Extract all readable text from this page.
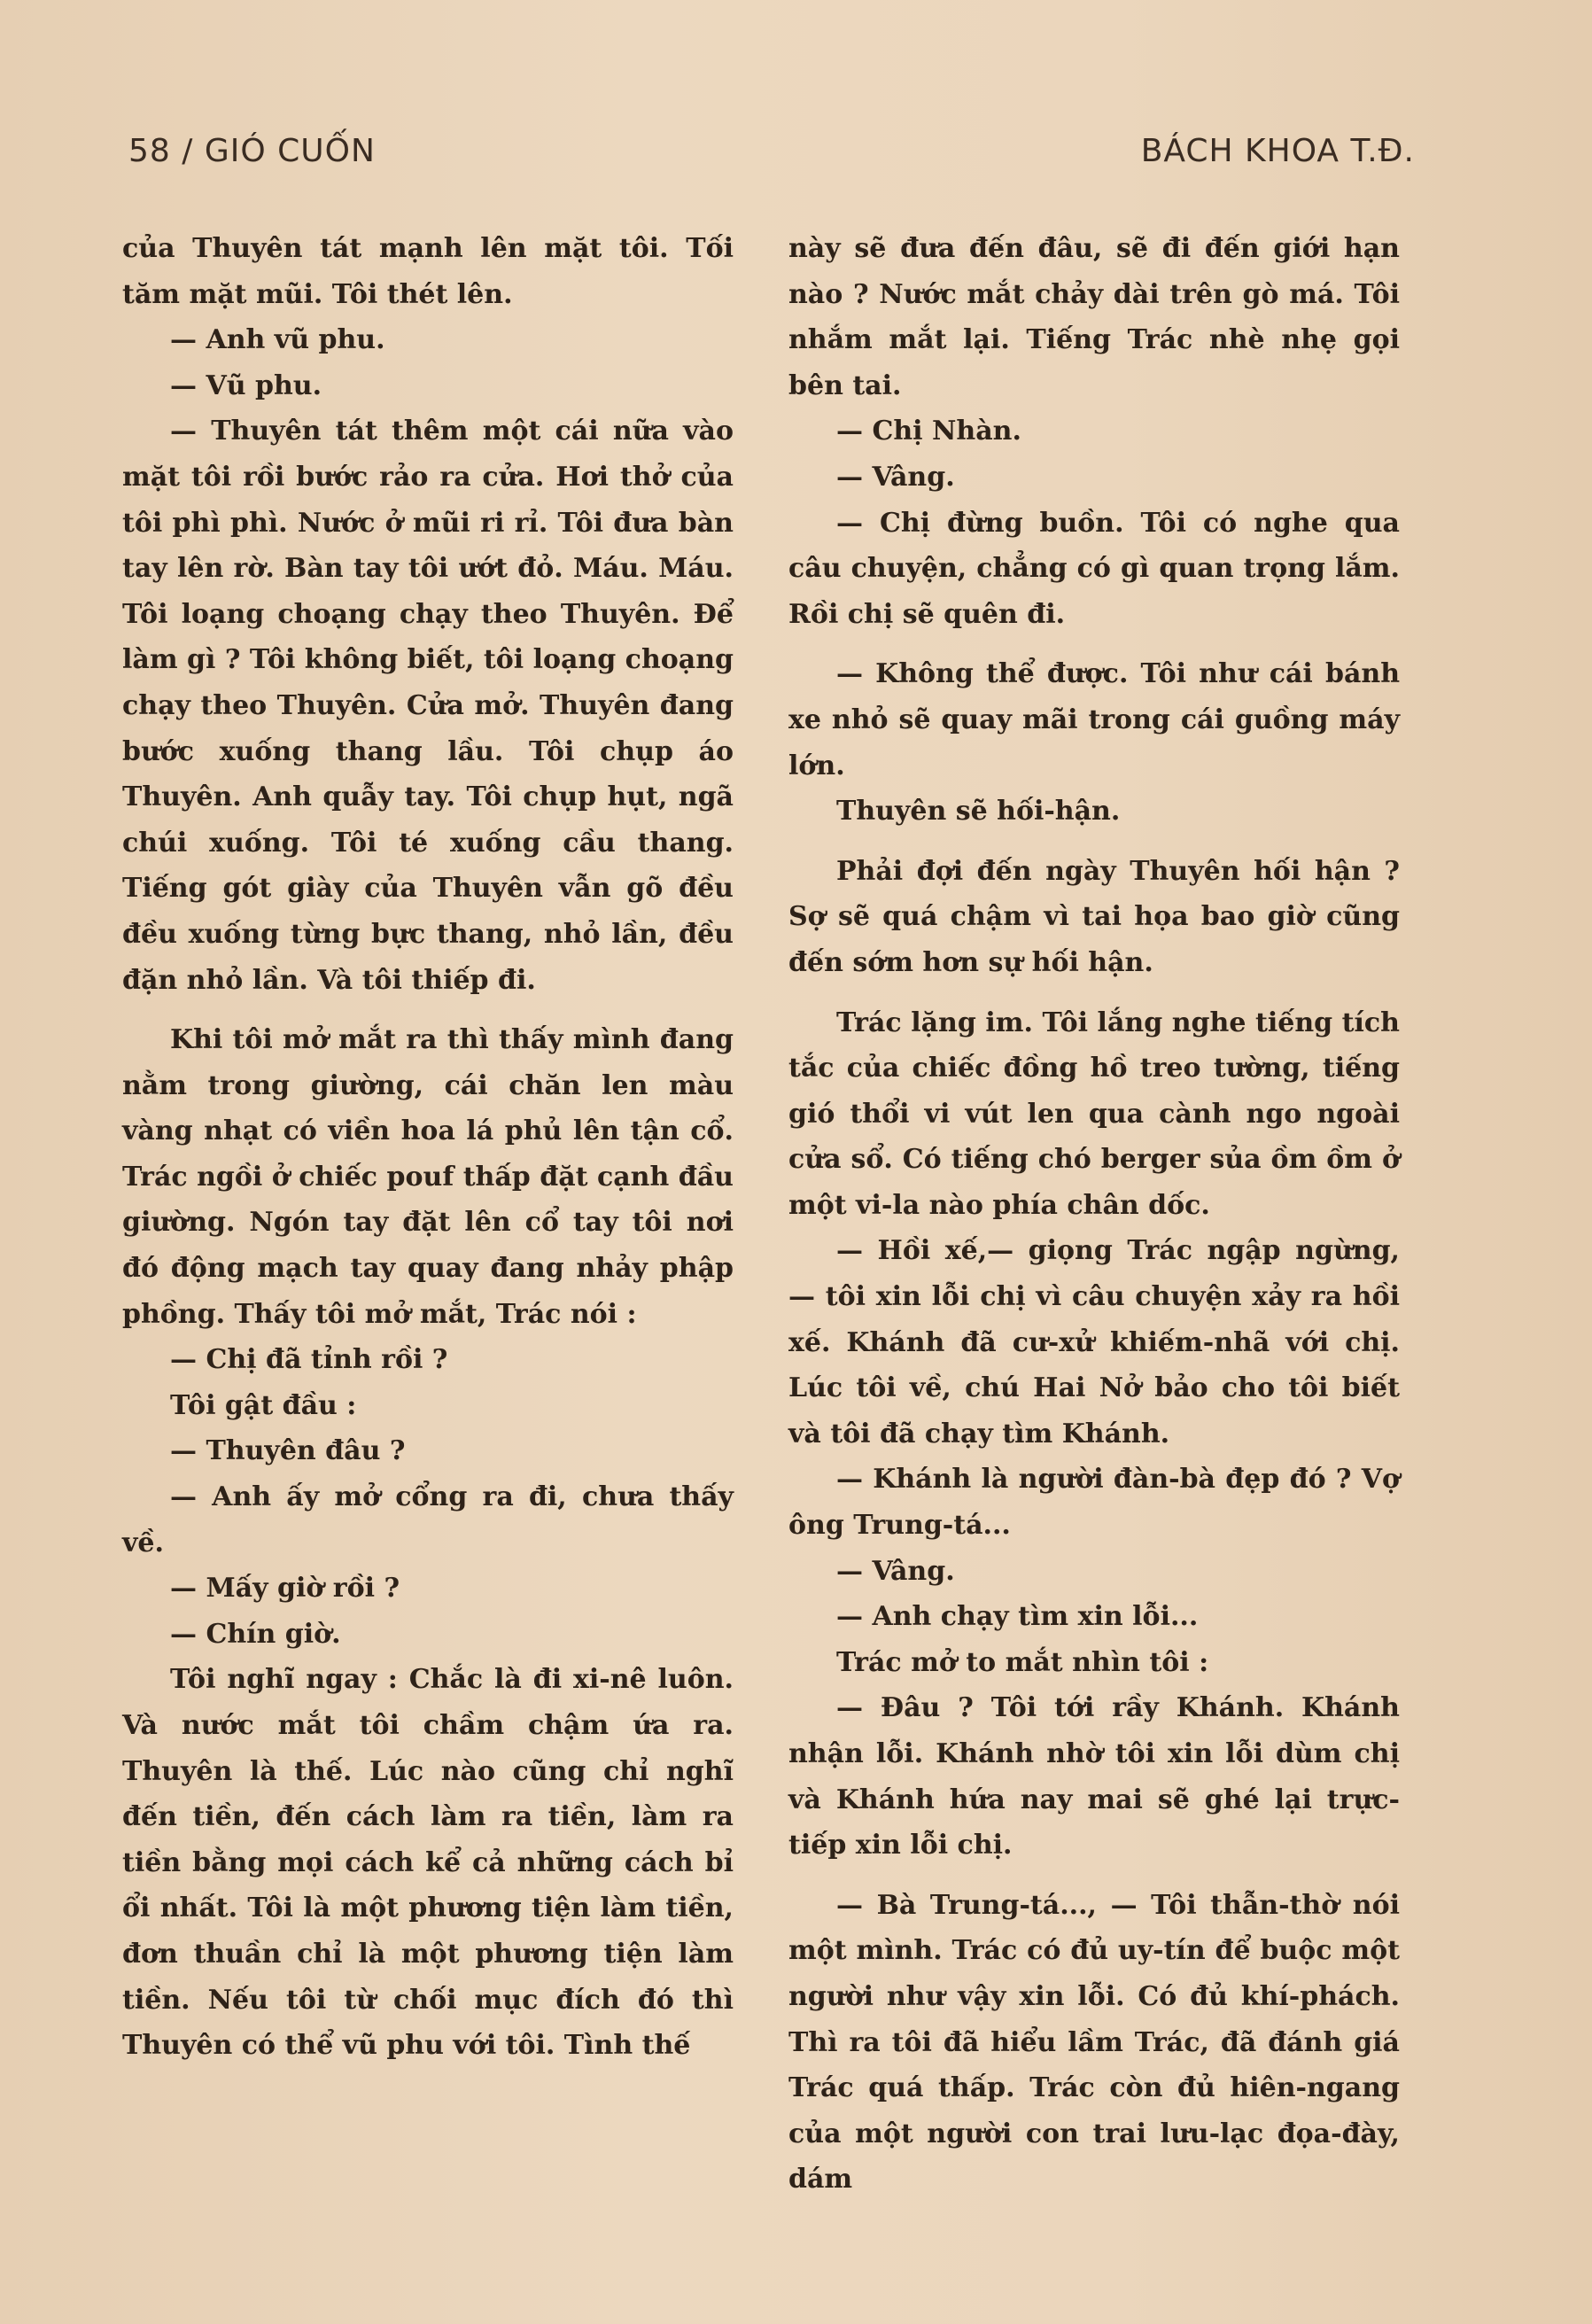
58 / GIÓ CUỐN	BÁCH KHOA T.Đ.

của Thuyên tát mạnh lên mặt tôi. Tối tăm mặt mũi. Tôi thét lên.

— Anh vũ phu.

— Vũ phu.

— Thuyên tát thêm một cái nữa vào mặt tôi rồi bước rảo ra cửa. Hơi thở của tôi phì phì. Nước ở mũi ri rỉ. Tôi đưa bàn tay lên rờ. Bàn tay tôi ướt đỏ. Máu. Máu. Tôi loạng choạng chạy theo Thuyên. Để làm gì ? Tôi không biết, tôi loạng choạng chạy theo Thuyên. Cửa mở. Thuyên đang bước xuống thang lầu. Tôi chụp áo Thuyên. Anh quẫy tay. Tôi chụp hụt, ngã chúi xuống. Tôi té xuống cầu thang. Tiếng gót giày của Thuyên vẫn gõ đều đều xuống từng bực thang, nhỏ lần, đều đặn nhỏ lần. Và tôi thiếp đi.

Khi tôi mở mắt ra thì thấy mình đang nằm trong giường, cái chăn len màu vàng nhạt có viền hoa lá phủ lên tận cổ. Trác ngồi ở chiếc pouf thấp đặt cạnh đầu giường. Ngón tay đặt lên cổ tay tôi nơi đó động mạch tay quay đang nhảy phập phồng. Thấy tôi mở mắt, Trác nói :

— Chị đã tỉnh rồi ?

Tôi gật đầu :

— Thuyên đâu ?

— Anh ấy mở cổng ra đi, chưa thấy về.

— Mấy giờ rồi ?

— Chín giờ.

Tôi nghĩ ngay : Chắc là đi xi-nê luôn. Và nước mắt tôi chầm chậm ứa ra. Thuyên là thế. Lúc nào cũng chỉ nghĩ đến tiền, đến cách làm ra tiền, làm ra tiền bằng mọi cách kể cả những cách bỉ ổi nhất. Tôi là một phương tiện làm tiền, đơn thuần chỉ là một phương tiện làm tiền. Nếu tôi từ chối mục đích đó thì Thuyên có thể vũ phu với tôi. Tình thế

này sẽ đưa đến đâu, sẽ đi đến giới hạn nào ? Nước mắt chảy dài trên gò má. Tôi nhắm mắt lại. Tiếng Trác nhè nhẹ gọi bên tai.

— Chị Nhàn.

— Vâng.

— Chị đừng buồn. Tôi có nghe qua câu chuyện, chẳng có gì quan trọng lắm. Rồi chị sẽ quên đi.

— Không thể được. Tôi như cái bánh xe nhỏ sẽ quay mãi trong cái guồng máy lớn.

Thuyên sẽ hối-hận.

Phải đợi đến ngày Thuyên hối hận ? Sợ sẽ quá chậm vì tai họa bao giờ cũng đến sớm hơn sự hối hận.

Trác lặng im. Tôi lắng nghe tiếng tích tắc của chiếc đồng hồ treo tường, tiếng gió thổi vi vút len qua cành ngo ngoài cửa sổ. Có tiếng chó berger sủa ồm ồm ở một vi-la nào phía chân dốc.

— Hồi xế,— giọng Trác ngập ngừng, — tôi xin lỗi chị vì câu chuyện xảy ra hồi xế. Khánh đã cư-xử khiếm-nhã với chị. Lúc tôi về, chú Hai Nở bảo cho tôi biết và tôi đã chạy tìm Khánh.

— Khánh là người đàn-bà đẹp đó ? Vợ ông Trung-tá...

— Vâng.

— Anh chạy tìm xin lỗi...

Trác mở to mắt nhìn tôi :

— Đâu ? Tôi tới rầy Khánh. Khánh nhận lỗi. Khánh nhờ tôi xin lỗi dùm chị và Khánh hứa nay mai sẽ ghé lại trực-tiếp xin lỗi chị.

— Bà Trung-tá..., — Tôi thẫn-thờ nói một mình. Trác có đủ uy-tín để buộc một người như vậy xin lỗi. Có đủ khí-phách. Thì ra tôi đã hiểu lầm Trác, đã đánh giá Trác quá thấp. Trác còn đủ hiên-ngang của một người con trai lưu-lạc đọa-đày, dám
